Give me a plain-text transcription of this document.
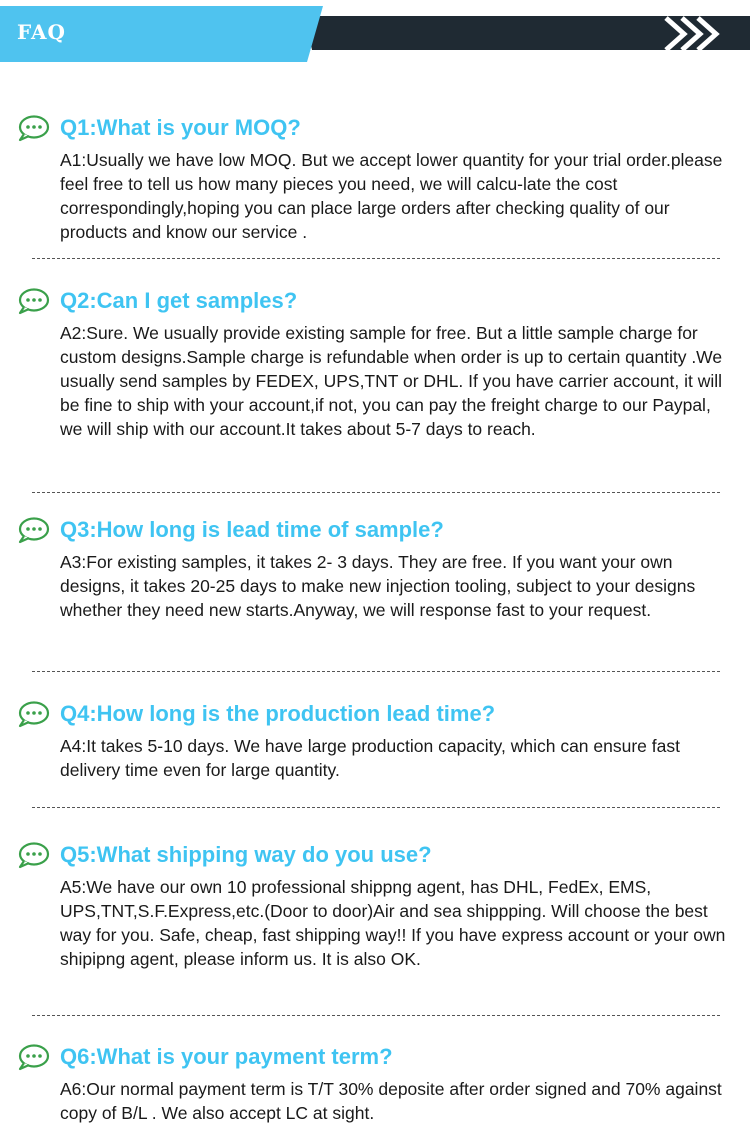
FAQ
Q1:What is your MOQ?

A1:Usually we have low MOQ. But we accept lower quantity for your trial order.please feel free to tell us how many pieces you need, we will calcu-late the cost correspondingly,hoping you can place large orders after checking quality of our products and know our service .

Q2:Can I get samples?

A2:Sure. We usually provide existing sample for free. But a little sample charge for custom designs.Sample charge is refundable when order is up to certain quantity .We usually send samples by FEDEX, UPS,TNT or DHL. If you have carrier account, it will be fine to ship with your account,if not, you can pay the freight charge to our Paypal, we will ship with our account.It takes about 5-7 days to reach.

Q3:How long is lead time of sample?

A3:For existing samples, it takes 2- 3 days. They are free. If you want your own designs, it takes 20-25 days to make new injection tooling, subject to your designs whether they need new starts.Anyway, we will response fast to your request.

Q4:How long is the production lead time?

A4:It takes 5-10 days. We have large production capacity, which can ensure fast delivery time even for large quantity.

Q5:What shipping way do you use?

A5:We have our own 10 professional shippng agent, has DHL, FedEx, EMS, UPS,TNT,S.F.Express,etc.(Door to door)Air and sea shippping. Will choose the best way for you. Safe, cheap, fast shipping way!! If you have express account or your own shipipng agent, please inform us. It is also OK.

Q6:What is your payment term?

A6:Our normal payment term is T/T 30% deposite after order signed and 70% against copy of B/L . We also accept LC at sight.
